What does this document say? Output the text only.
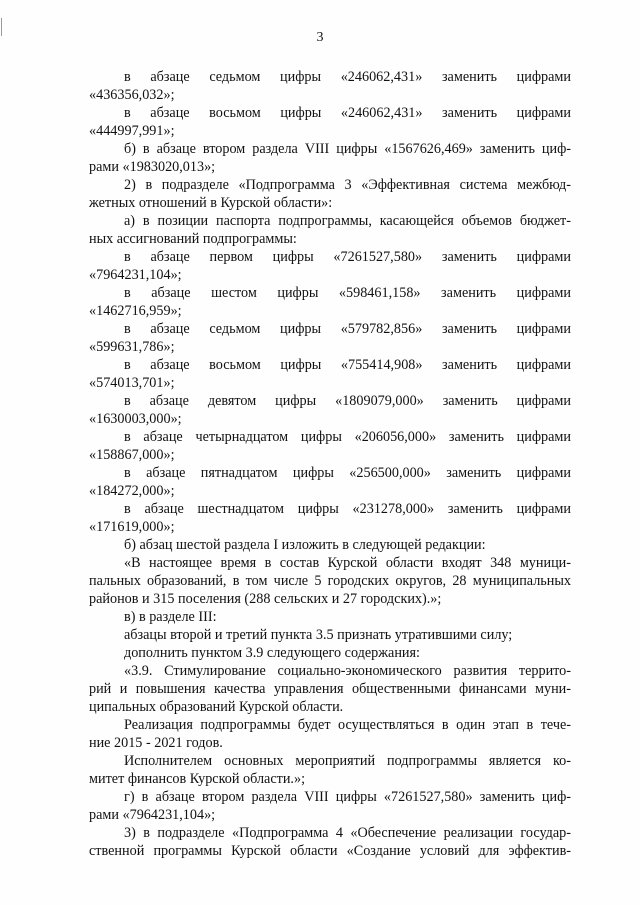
3
в абзаце седьмом цифры «246062,431» заменить цифрами
«436356,032»;
в абзаце восьмом цифры «246062,431» заменить цифрами
«444997,991»;
б) в абзаце втором раздела VIII цифры «1567626,469» заменить циф-
рами «1983020,013»;
2) в подразделе «Подпрограмма 3 «Эффективная система межбюд-
жетных отношений в Курской области»:
а) в позиции паспорта подпрограммы, касающейся объемов бюджет-
ных ассигнований подпрограммы:
в абзаце первом цифры «7261527,580» заменить цифрами
«7964231,104»;
в абзаце шестом цифры «598461,158» заменить цифрами
«1462716,959»;
в абзаце седьмом цифры «579782,856» заменить цифрами
«599631,786»;
в абзаце восьмом цифры «755414,908» заменить цифрами
«574013,701»;
в абзаце девятом цифры «1809079,000» заменить цифрами
«1630003,000»;
в абзаце четырнадцатом цифры «206056,000» заменить цифрами
«158867,000»;
в абзаце пятнадцатом цифры «256500,000» заменить цифрами
«184272,000»;
в абзаце шестнадцатом цифры «231278,000» заменить цифрами
«171619,000»;
б) абзац шестой раздела I изложить в следующей редакции:
«В настоящее время в состав Курской области входят 348 муници-
пальных образований, в том числе 5 городских округов, 28 муниципальных
районов и 315 поселения (288 сельских и 27 городских).»;
в) в разделе III:
абзацы второй и третий пункта 3.5 признать утратившими силу;
дополнить пунктом 3.9 следующего содержания:
«3.9. Стимулирование социально-экономического развития террито-
рий и повышения качества управления общественными финансами муни-
ципальных образований Курской области.
Реализация подпрограммы будет осуществляться в один этап в тече-
ние 2015 - 2021 годов.
Исполнителем основных мероприятий подпрограммы является ко-
митет финансов Курской области.»;
г) в абзаце втором раздела VIII цифры «7261527,580» заменить циф-
рами «7964231,104»;
3) в подразделе «Подпрограмма 4 «Обеспечение реализации государ-
ственной программы Курской области «Создание условий для эффектив-
